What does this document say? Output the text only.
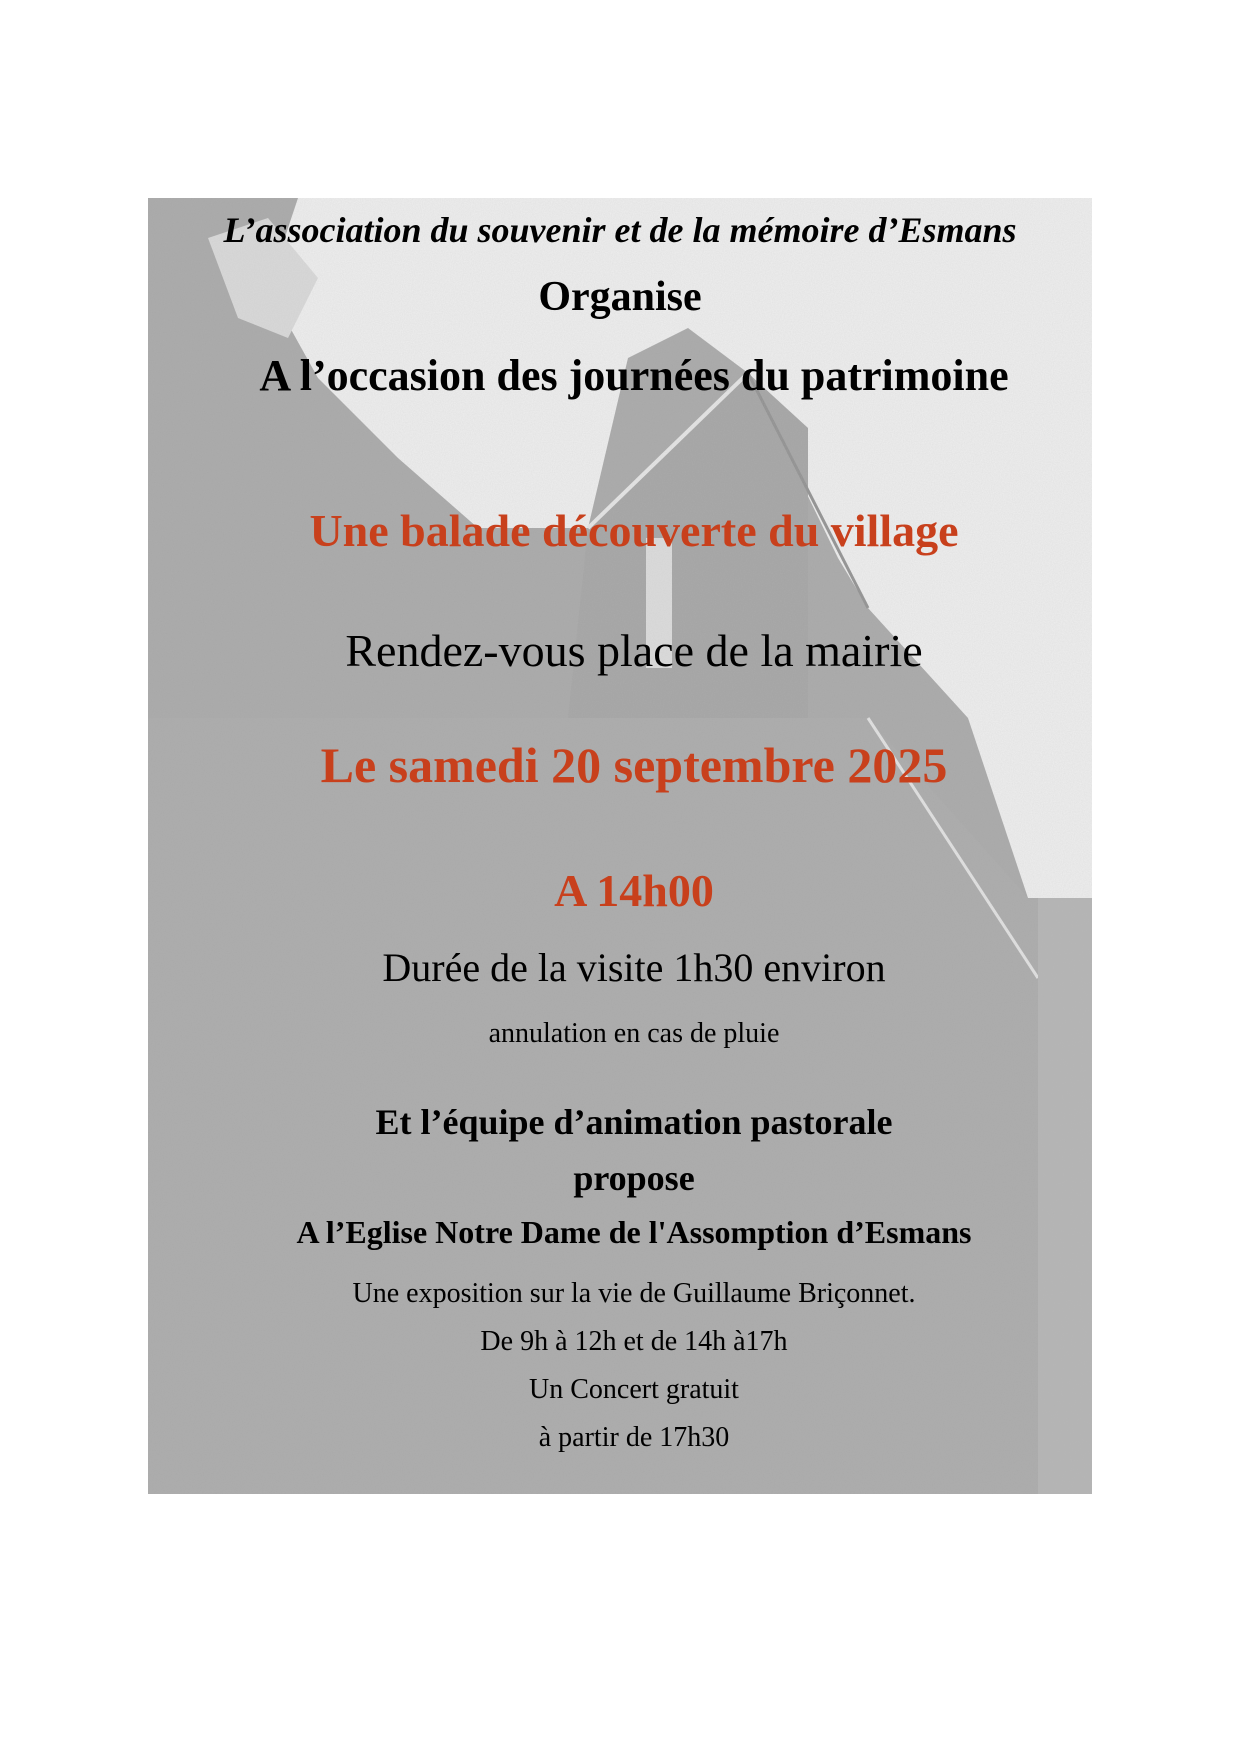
L’association du souvenir et de la mémoire d’Esmans
Organise
A l’occasion des journées du patrimoine
Une balade découverte du village
Rendez-vous place de la mairie
Le samedi 20 septembre 2025
A 14h00
Durée de la visite 1h30 environ
annulation en cas de pluie
Et l’équipe d’animation pastorale
propose
A l’Eglise Notre Dame de l'Assomption d’Esmans
Une exposition sur la vie de Guillaume Briçonnet.
De 9h à 12h et de 14h à17h
Un Concert gratuit
à partir de 17h30
